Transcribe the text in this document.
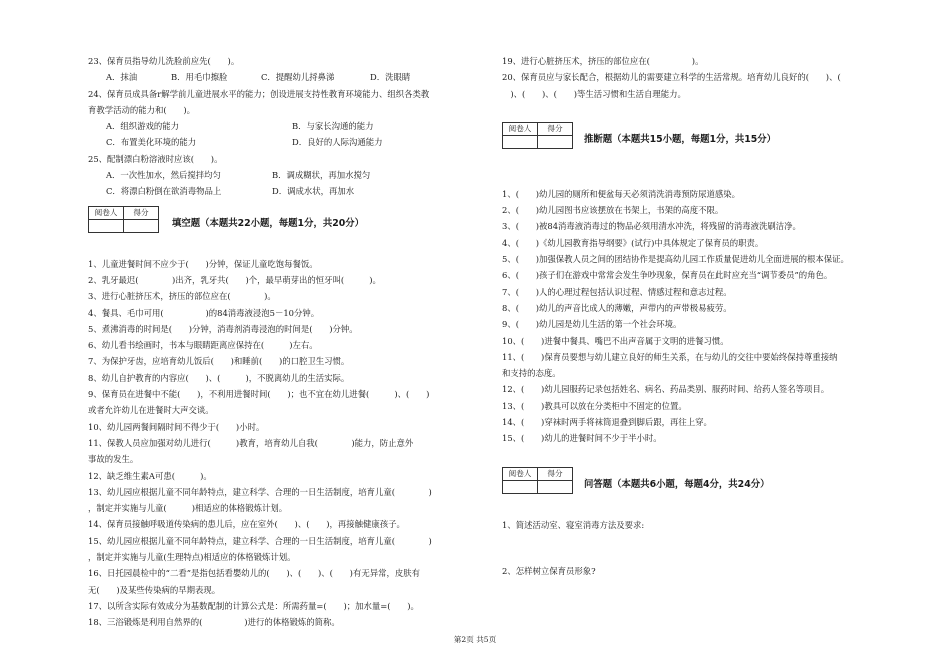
23、保育员指导幼儿洗脸前应先(　　)。
A．抹油	B．用毛巾擦脸	C．提醒幼儿捋鼻涕	D．洗眼睛
24、保育员成具备r解学前儿童进展水平的能力；创设进展支持性教育环境能力、组织各类教
育教学活动的能力和(　　)。
A．组织游戏的能力	B．与家长沟通的能力
C．布置美化环境的能力	D．良好的人际沟通能力
25、配制漂白粉溶液时应该(　　)。
A．一次性加水，然后搅拌均匀	B．调成糊状，再加水搅匀
C．将漂白粉倒在欲消毒物品上	D．调成水状，再加水
阅卷人	得分

填空题（本题共22小题，每题1分，共20分）
1、儿童进餐时间不应少于(　　)分钟，保证儿童吃饱每餐饭。
2、乳牙最迟(　　　　)出齐，乳牙共(　　)个，最早萌芽出的恒牙叫(　　　)。
3、进行心脏挤压术，挤压的部位应在(　　　　)。
4、餐具、毛巾可用(　　　　　)的84消毒液浸泡5－10分钟。
5、煮沸消毒的时间是(　　)分钟，消毒剂消毒浸泡的时间是(　　)分钟。
6、幼儿看书绘画时，书本与眼睛距离应保持在(　　　)左右。
7、为保护牙齿，应培育幼儿饭后(　　)和睡前(　　)的口腔卫生习惯。
8、幼儿自护教育的内容应(　　)、(　　　)，不脱离幼儿的生活实际。
9、保育员在进餐中不能(　　)，不利用进餐时间(　　)；也不宜在幼儿进餐(　　　)、(　　)
或者允许幼儿在进餐时大声交谈。
10、幼儿园两餐间隔时间不得少于(　　)小时。
11、保教人员应加强对幼儿进行(　　　)教育，培育幼儿自我(　　　　)能力，防止意外
事故的发生。
12、缺乏维生素A可患(　　　)。
13、幼儿园应根据儿童不同年龄特点，建立科学、合理的一日生活制度，培育儿童(　　　　)
，制定并实施与儿童(　　　)相适应的体格锻炼计划。
14、保育员接触呼吸道传染病的患儿后，应在室外(　　)、(　　)，再接触健康孩子。
15、幼儿园应根据儿童不同年龄特点，建立科学、合理的一日生活制度，培育儿童(　　　　)
，制定并实施与儿童(生理特点)相适应的体格锻炼计划。
16、日托园晨检中的“二看”是指包括看嬰幼儿的(　　)、(　　)、(　　)有无异常，皮肤有
无(　　)及某些传染病的早期表现。
17、以所含实际有效成分为基数配制的计算公式是：所需药量=(　　)；加水量=(　　)。
18、三浴锻炼是利用自然界的(　　　　　)进行的体格锻炼的简称。
19、进行心脏挤压术，挤压的部位应在(　　　　　)。
20、保育员应与家长配合，根据幼儿的需要建立科学的生活常规。培育幼儿良好的(　　)、(
　)、(　　)、(　　)等生活习惯和生活自理能力。
阅卷人	得分

推断题（本题共15小题，每题1分，共15分）
1、(　　)幼儿园的厕所和便盆每天必须消洗消毒预防尿道感染。
2、(　　)幼儿园图书应该摆放在书架上，书架的高度不限。
3、(　　)被84消毒液消毒过的物品必须用清水冲洗，将残留的消毒液洗刷洁净。
4、(　　)《幼儿园教育指导纲要》(试行)中具体规定了保育员的职责。
5、(　　)加强保教人员之间的团结协作是提高幼儿园工作质量促进幼儿全面进展的根本保证。
6、(　　)孩子们在游戏中常常会发生争吵现象，保育员在此时应充当“调节委员”的角色。
7、(　　)人的心理过程包括认识过程、情感过程和意志过程。
8、(　　)幼儿的声音比成人的薄嫩，声带内的声带极易疲劳。
9、(　　)幼儿园是幼儿生活的第一个社会环境。
10、(　　)进餐中餐具、嘴巴不出声音属于文明的进餐习惯。
11、(　　)保育员要想与幼儿建立良好的师生关系，在与幼儿的交往中要始终保持尊重接纳
和支持的态度。
12、(　　)幼儿园服药记录包括姓名、病名、药品类别、服药时间、给药人签名等项目。
13、(　　)教具可以放在分类柜中不固定的位置。
14、(　　)穿袜时两手将袜筒退叠到脚后跟，再往上穿。
15、(　　)幼儿的进餐时间不少于半小时。
阅卷人	得分

问答题（本题共6小题，每题4分，共24分）
1、简述活动室、寝室消毒方法及要求:
2、怎样树立保育员形象?
第2页 共5页
